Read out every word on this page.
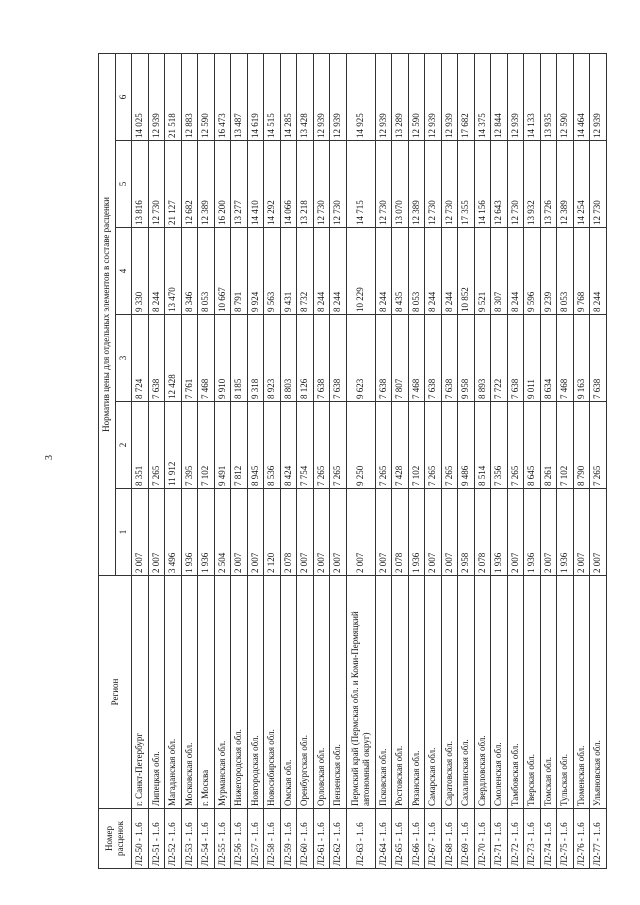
3
Номер расценок	Регион	Норматив цены для отдельных элементов в составе расценки					
		1	2	3	4	5	6
Л2-50 - 1..6	г. Санкт-Петербург	2 007	8 351	8 724	9 330	13 816	14 025
Л2-51 - 1..6	Липецкая обл.	2 007	7 265	7 638	8 244	12 730	12 939
Л2-52 - 1..6	Магаданская обл.	3 496	11 912	12 428	13 470	21 127	21 518
Л2-53 - 1..6	Московская обл.	1 936	7 395	7 761	8 346	12 682	12 883
Л2-54 - 1..6	г. Москва	1 936	7 102	7 468	8 053	12 389	12 590
Л2-55 - 1..6	Мурманская обл.	2 504	9 491	9 910	10 667	16 200	16 473
Л2-56 - 1..6	Нижегородская обл.	2 007	7 812	8 185	8 791	13 277	13 487
Л2-57 - 1..6	Новгородская обл.	2 007	8 945	9 318	9 924	14 410	14 619
Л2-58 - 1..6	Новосибирская обл.	2 120	8 536	8 923	9 563	14 292	14 515
Л2-59 - 1..6	Омская обл.	2 078	8 424	8 803	9 431	14 066	14 285
Л2-60 - 1..6	Оренбургская обл.	2 007	7 754	8 126	8 732	13 218	13 428
Л2-61 - 1..6	Орловская обл.	2 007	7 265	7 638	8 244	12 730	12 939
Л2-62 - 1..6	Пензенская обл.	2 007	7 265	7 638	8 244	12 730	12 939
Л2-63 - 1..6	Пермский край (Пермская обл. и Коми-Пермяцкий автономный округ)	2 007	9 250	9 623	10 229	14 715	14 925
Л2-64 - 1..6	Псковская обл.	2 007	7 265	7 638	8 244	12 730	12 939
Л2-65 - 1..6	Ростовская обл.	2 078	7 428	7 807	8 435	13 070	13 289
Л2-66 - 1..6	Рязанская обл.	1 936	7 102	7 468	8 053	12 389	12 590
Л2-67 - 1..6	Самарская обл.	2 007	7 265	7 638	8 244	12 730	12 939
Л2-68 - 1..6	Саратовская обл.	2 007	7 265	7 638	8 244	12 730	12 939
Л2-69 - 1..6	Сахалинская обл.	2 958	9 486	9 958	10 852	17 355	17 682
Л2-70 - 1..6	Свердловская обл.	2 078	8 514	8 893	9 521	14 156	14 375
Л2-71 - 1..6	Смоленская обл.	1 936	7 356	7 722	8 307	12 643	12 844
Л2-72 - 1..6	Тамбовская обл.	2 007	7 265	7 638	8 244	12 730	12 939
Л2-73 - 1..6	Тверская обл.	1 936	8 645	9 011	9 596	13 932	14 133
Л2-74 - 1..6	Томская обл.	2 007	8 261	8 634	9 239	13 726	13 935
Л2-75 - 1..6	Тульская обл.	1 936	7 102	7 468	8 053	12 389	12 590
Л2-76 - 1..6	Тюменская обл.	2 007	8 790	9 163	9 768	14 254	14 464
Л2-77 - 1..6	Ульяновская обл.	2 007	7 265	7 638	8 244	12 730	12 939
